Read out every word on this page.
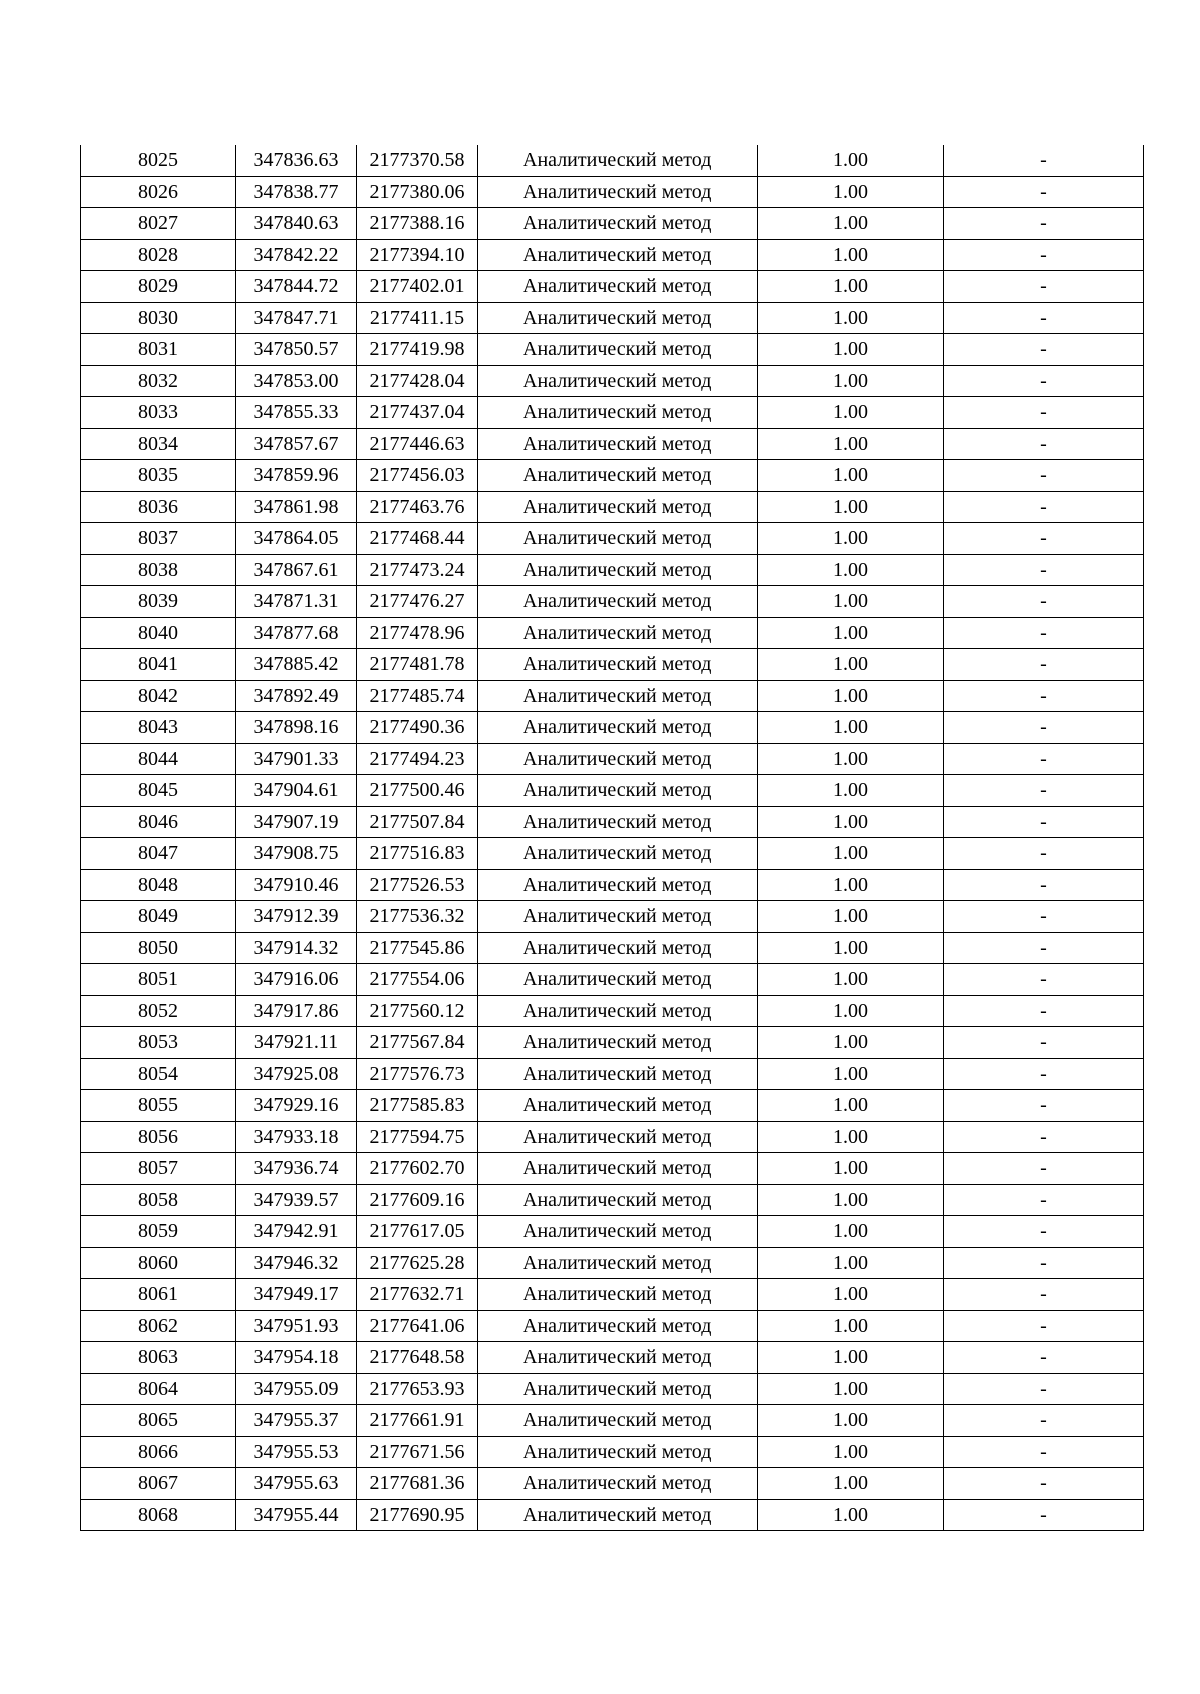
8025	347836.63	2177370.58	Аналитический метод	1.00	-
8026	347838.77	2177380.06	Аналитический метод	1.00	-
8027	347840.63	2177388.16	Аналитический метод	1.00	-
8028	347842.22	2177394.10	Аналитический метод	1.00	-
8029	347844.72	2177402.01	Аналитический метод	1.00	-
8030	347847.71	2177411.15	Аналитический метод	1.00	-
8031	347850.57	2177419.98	Аналитический метод	1.00	-
8032	347853.00	2177428.04	Аналитический метод	1.00	-
8033	347855.33	2177437.04	Аналитический метод	1.00	-
8034	347857.67	2177446.63	Аналитический метод	1.00	-
8035	347859.96	2177456.03	Аналитический метод	1.00	-
8036	347861.98	2177463.76	Аналитический метод	1.00	-
8037	347864.05	2177468.44	Аналитический метод	1.00	-
8038	347867.61	2177473.24	Аналитический метод	1.00	-
8039	347871.31	2177476.27	Аналитический метод	1.00	-
8040	347877.68	2177478.96	Аналитический метод	1.00	-
8041	347885.42	2177481.78	Аналитический метод	1.00	-
8042	347892.49	2177485.74	Аналитический метод	1.00	-
8043	347898.16	2177490.36	Аналитический метод	1.00	-
8044	347901.33	2177494.23	Аналитический метод	1.00	-
8045	347904.61	2177500.46	Аналитический метод	1.00	-
8046	347907.19	2177507.84	Аналитический метод	1.00	-
8047	347908.75	2177516.83	Аналитический метод	1.00	-
8048	347910.46	2177526.53	Аналитический метод	1.00	-
8049	347912.39	2177536.32	Аналитический метод	1.00	-
8050	347914.32	2177545.86	Аналитический метод	1.00	-
8051	347916.06	2177554.06	Аналитический метод	1.00	-
8052	347917.86	2177560.12	Аналитический метод	1.00	-
8053	347921.11	2177567.84	Аналитический метод	1.00	-
8054	347925.08	2177576.73	Аналитический метод	1.00	-
8055	347929.16	2177585.83	Аналитический метод	1.00	-
8056	347933.18	2177594.75	Аналитический метод	1.00	-
8057	347936.74	2177602.70	Аналитический метод	1.00	-
8058	347939.57	2177609.16	Аналитический метод	1.00	-
8059	347942.91	2177617.05	Аналитический метод	1.00	-
8060	347946.32	2177625.28	Аналитический метод	1.00	-
8061	347949.17	2177632.71	Аналитический метод	1.00	-
8062	347951.93	2177641.06	Аналитический метод	1.00	-
8063	347954.18	2177648.58	Аналитический метод	1.00	-
8064	347955.09	2177653.93	Аналитический метод	1.00	-
8065	347955.37	2177661.91	Аналитический метод	1.00	-
8066	347955.53	2177671.56	Аналитический метод	1.00	-
8067	347955.63	2177681.36	Аналитический метод	1.00	-
8068	347955.44	2177690.95	Аналитический метод	1.00	-
